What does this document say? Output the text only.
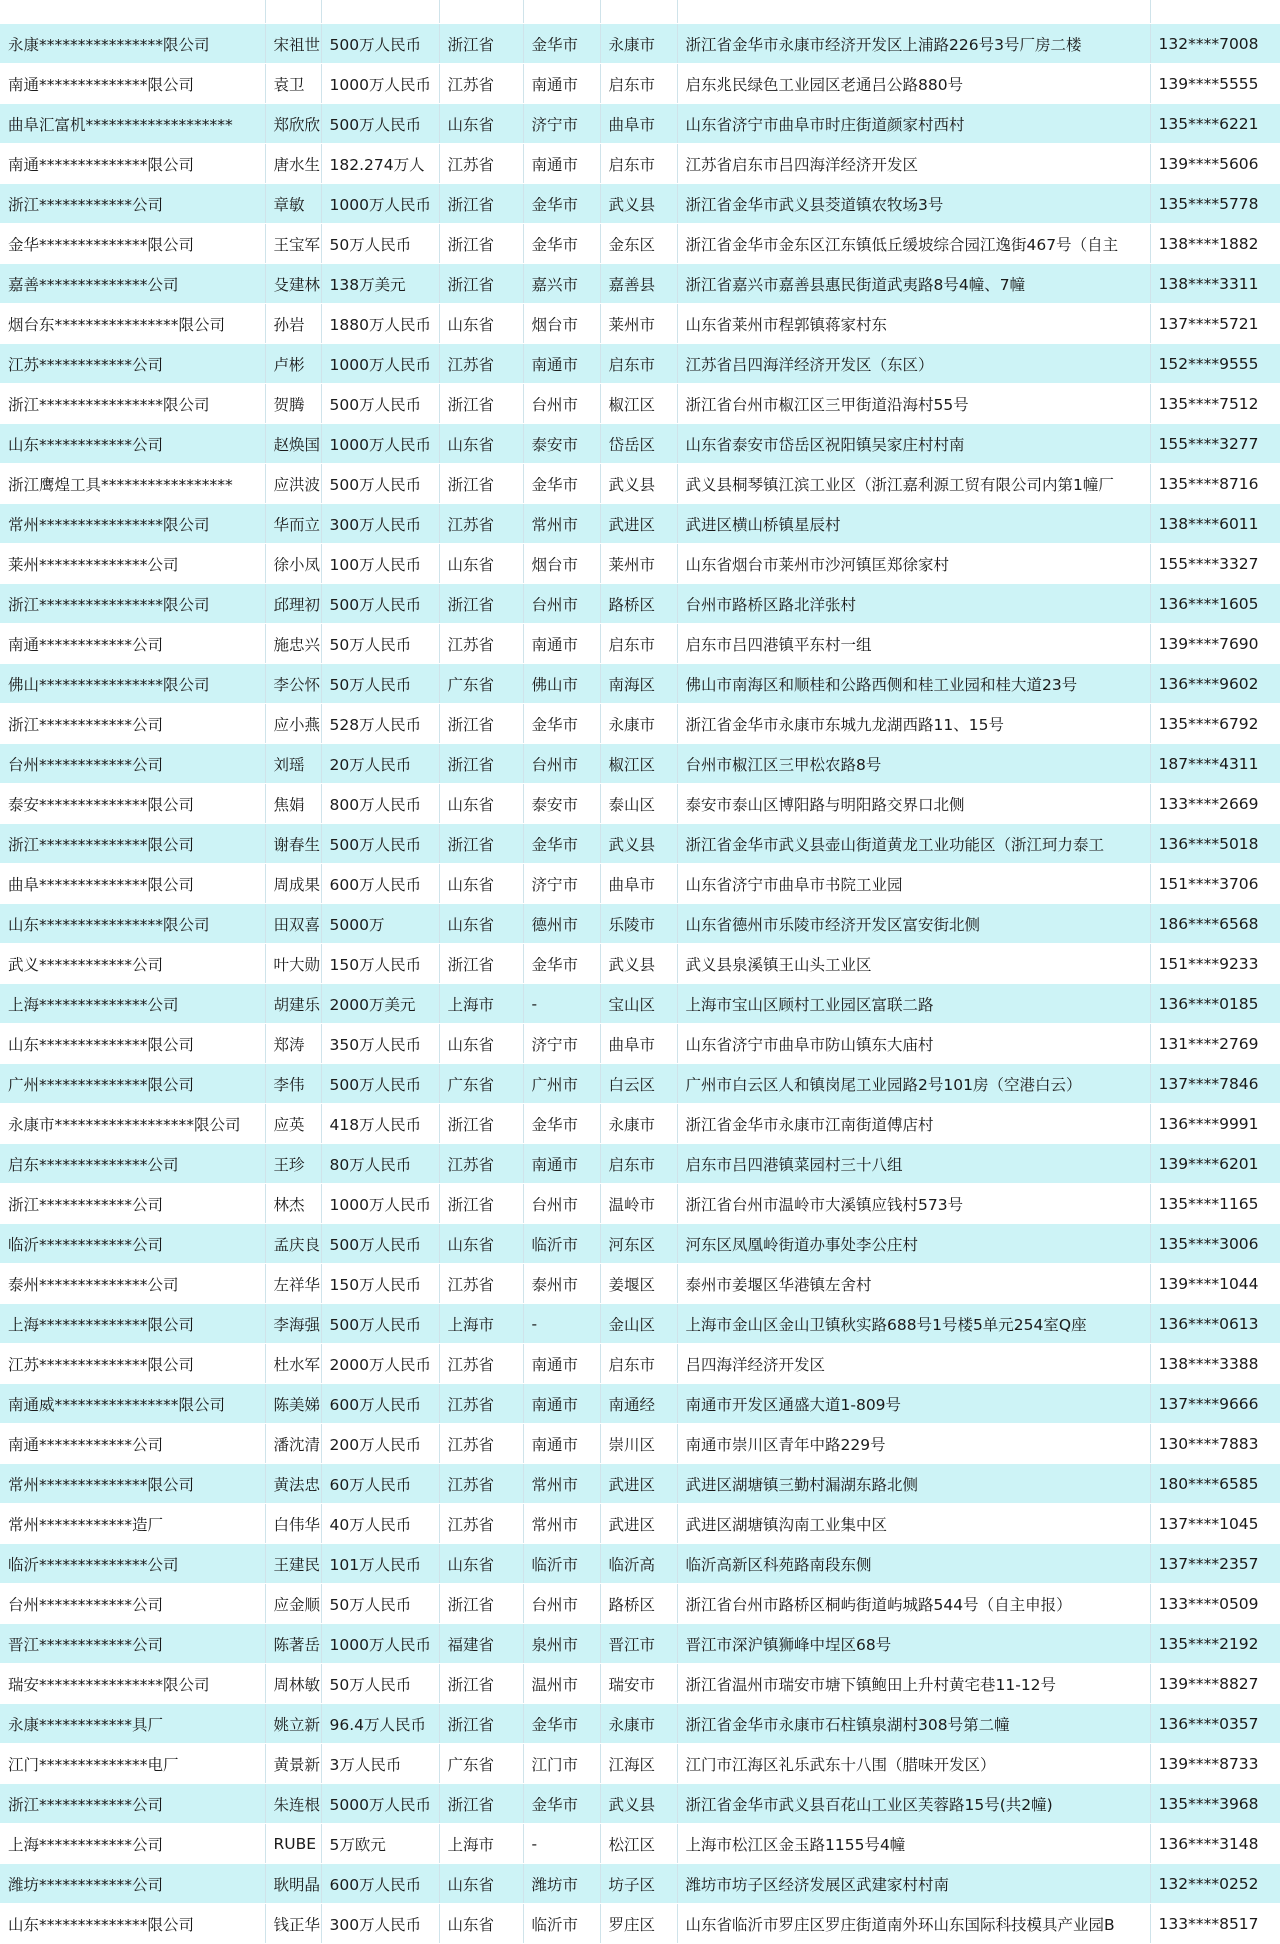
永康****************限公司	宋祖世	500万人民币	浙江省	金华市	永康市	浙江省金华市永康市经济开发区上浦路226号3号厂房二楼	132****7008
南通**************限公司	袁卫	1000万人民币	江苏省	南通市	启东市	启东兆民绿色工业园区老通吕公路880号	139****5555
曲阜汇富机*******************	郑欣欣	500万人民币	山东省	济宁市	曲阜市	山东省济宁市曲阜市时庄街道颜家村西村	135****6221
南通**************限公司	唐水生	182.274万人	江苏省	南通市	启东市	江苏省启东市吕四海洋经济开发区	139****5606
浙江************公司	章敏	1000万人民币	浙江省	金华市	武义县	浙江省金华市武义县茭道镇农牧场3号	135****5778
金华**************限公司	王宝军	50万人民币	浙江省	金华市	金东区	浙江省金华市金东区江东镇低丘缓坡综合园江逸街467号（自主	138****1882
嘉善**************公司	殳建林	138万美元	浙江省	嘉兴市	嘉善县	浙江省嘉兴市嘉善县惠民街道武夷路8号4幢、7幢	138****3311
烟台东****************限公司	孙岩	1880万人民币	山东省	烟台市	莱州市	山东省莱州市程郭镇蒋家村东	137****5721
江苏************公司	卢彬	1000万人民币	江苏省	南通市	启东市	江苏省吕四海洋经济开发区（东区）	152****9555
浙江****************限公司	贺腾	500万人民币	浙江省	台州市	椒江区	浙江省台州市椒江区三甲街道沿海村55号	135****7512
山东************公司	赵焕国	1000万人民币	山东省	泰安市	岱岳区	山东省泰安市岱岳区祝阳镇吴家庄村村南	155****3277
浙江鹰煌工具*****************	应洪波	500万人民币	浙江省	金华市	武义县	武义县桐琴镇江滨工业区（浙江嘉利源工贸有限公司内第1幢厂	135****8716
常州****************限公司	华而立	300万人民币	江苏省	常州市	武进区	武进区横山桥镇星辰村	138****6011
莱州**************公司	徐小凤	100万人民币	山东省	烟台市	莱州市	山东省烟台市莱州市沙河镇匡郑徐家村	155****3327
浙江****************限公司	邱理初	500万人民币	浙江省	台州市	路桥区	台州市路桥区路北洋张村	136****1605
南通************公司	施忠兴	50万人民币	江苏省	南通市	启东市	启东市吕四港镇平东村一组	139****7690
佛山****************限公司	李公怀	50万人民币	广东省	佛山市	南海区	佛山市南海区和顺桂和公路西侧和桂工业园和桂大道23号	136****9602
浙江************公司	应小燕	528万人民币	浙江省	金华市	永康市	浙江省金华市永康市东城九龙湖西路11、15号	135****6792
台州************公司	刘瑶	20万人民币	浙江省	台州市	椒江区	台州市椒江区三甲松农路8号	187****4311
泰安**************限公司	焦娟	800万人民币	山东省	泰安市	泰山区	泰安市泰山区博阳路与明阳路交界口北侧	133****2669
浙江**************限公司	谢春生	500万人民币	浙江省	金华市	武义县	浙江省金华市武义县壶山街道黄龙工业功能区（浙江珂力泰工	136****5018
曲阜**************限公司	周成果	600万人民币	山东省	济宁市	曲阜市	山东省济宁市曲阜市书院工业园	151****3706
山东****************限公司	田双喜	5000万	山东省	德州市	乐陵市	山东省德州市乐陵市经济开发区富安街北侧	186****6568
武义************公司	叶大勋	150万人民币	浙江省	金华市	武义县	武义县泉溪镇王山头工业区	151****9233
上海**************公司	胡建乐	2000万美元	上海市	-	宝山区	上海市宝山区顾村工业园区富联二路	136****0185
山东**************限公司	郑涛	350万人民币	山东省	济宁市	曲阜市	山东省济宁市曲阜市防山镇东大庙村	131****2769
广州**************限公司	李伟	500万人民币	广东省	广州市	白云区	广州市白云区人和镇岗尾工业园路2号101房（空港白云）	137****7846
永康市******************限公司	应英	418万人民币	浙江省	金华市	永康市	浙江省金华市永康市江南街道傅店村	136****9991
启东**************公司	王珍	80万人民币	江苏省	南通市	启东市	启东市吕四港镇菜园村三十八组	139****6201
浙江************公司	林杰	1000万人民币	浙江省	台州市	温岭市	浙江省台州市温岭市大溪镇应钱村573号	135****1165
临沂************公司	孟庆良	500万人民币	山东省	临沂市	河东区	河东区凤凰岭街道办事处李公庄村	135****3006
泰州**************公司	左祥华	150万人民币	江苏省	泰州市	姜堰区	泰州市姜堰区华港镇左舍村	139****1044
上海**************限公司	李海强	500万人民币	上海市	-	金山区	上海市金山区金山卫镇秋实路688号1号楼5单元254室Q座	136****0613
江苏**************限公司	杜水军	2000万人民币	江苏省	南通市	启东市	吕四海洋经济开发区	138****3388
南通威****************限公司	陈美娣	600万人民币	江苏省	南通市	南通经	南通市开发区通盛大道1-809号	137****9666
南通************公司	潘沈清	200万人民币	江苏省	南通市	崇川区	南通市崇川区青年中路229号	130****7883
常州**************限公司	黄法忠	60万人民币	江苏省	常州市	武进区	武进区湖塘镇三勤村漏湖东路北侧	180****6585
常州************造厂	白伟华	40万人民币	江苏省	常州市	武进区	武进区湖塘镇沟南工业集中区	137****1045
临沂**************公司	王建民	101万人民币	山东省	临沂市	临沂高	临沂高新区科苑路南段东侧	137****2357
台州************公司	应金顺	50万人民币	浙江省	台州市	路桥区	浙江省台州市路桥区桐屿街道屿城路544号（自主申报）	133****0509
晋江************公司	陈著岳	1000万人民币	福建省	泉州市	晋江市	晋江市深沪镇狮峰中埕区68号	135****2192
瑞安****************限公司	周林敏	50万人民币	浙江省	温州市	瑞安市	浙江省温州市瑞安市塘下镇鲍田上升村黄宅巷11-12号	139****8827
永康************具厂	姚立新	96.4万人民币	浙江省	金华市	永康市	浙江省金华市永康市石柱镇泉湖村308号第二幢	136****0357
江门**************电厂	黄景新	3万人民币	广东省	江门市	江海区	江门市江海区礼乐武东十八围（腊味开发区）	139****8733
浙江************公司	朱连根	5000万人民币	浙江省	金华市	武义县	浙江省金华市武义县百花山工业区芙蓉路15号(共2幢)	135****3968
上海************公司	RUBE	5万欧元	上海市	-	松江区	上海市松江区金玉路1155号4幢	136****3148
潍坊************公司	耿明晶	600万人民币	山东省	潍坊市	坊子区	潍坊市坊子区经济发展区武建家村村南	132****0252
山东**************限公司	钱正华	300万人民币	山东省	临沂市	罗庄区	山东省临沂市罗庄区罗庄街道南外环山东国际科技模具产业园B	133****8517
